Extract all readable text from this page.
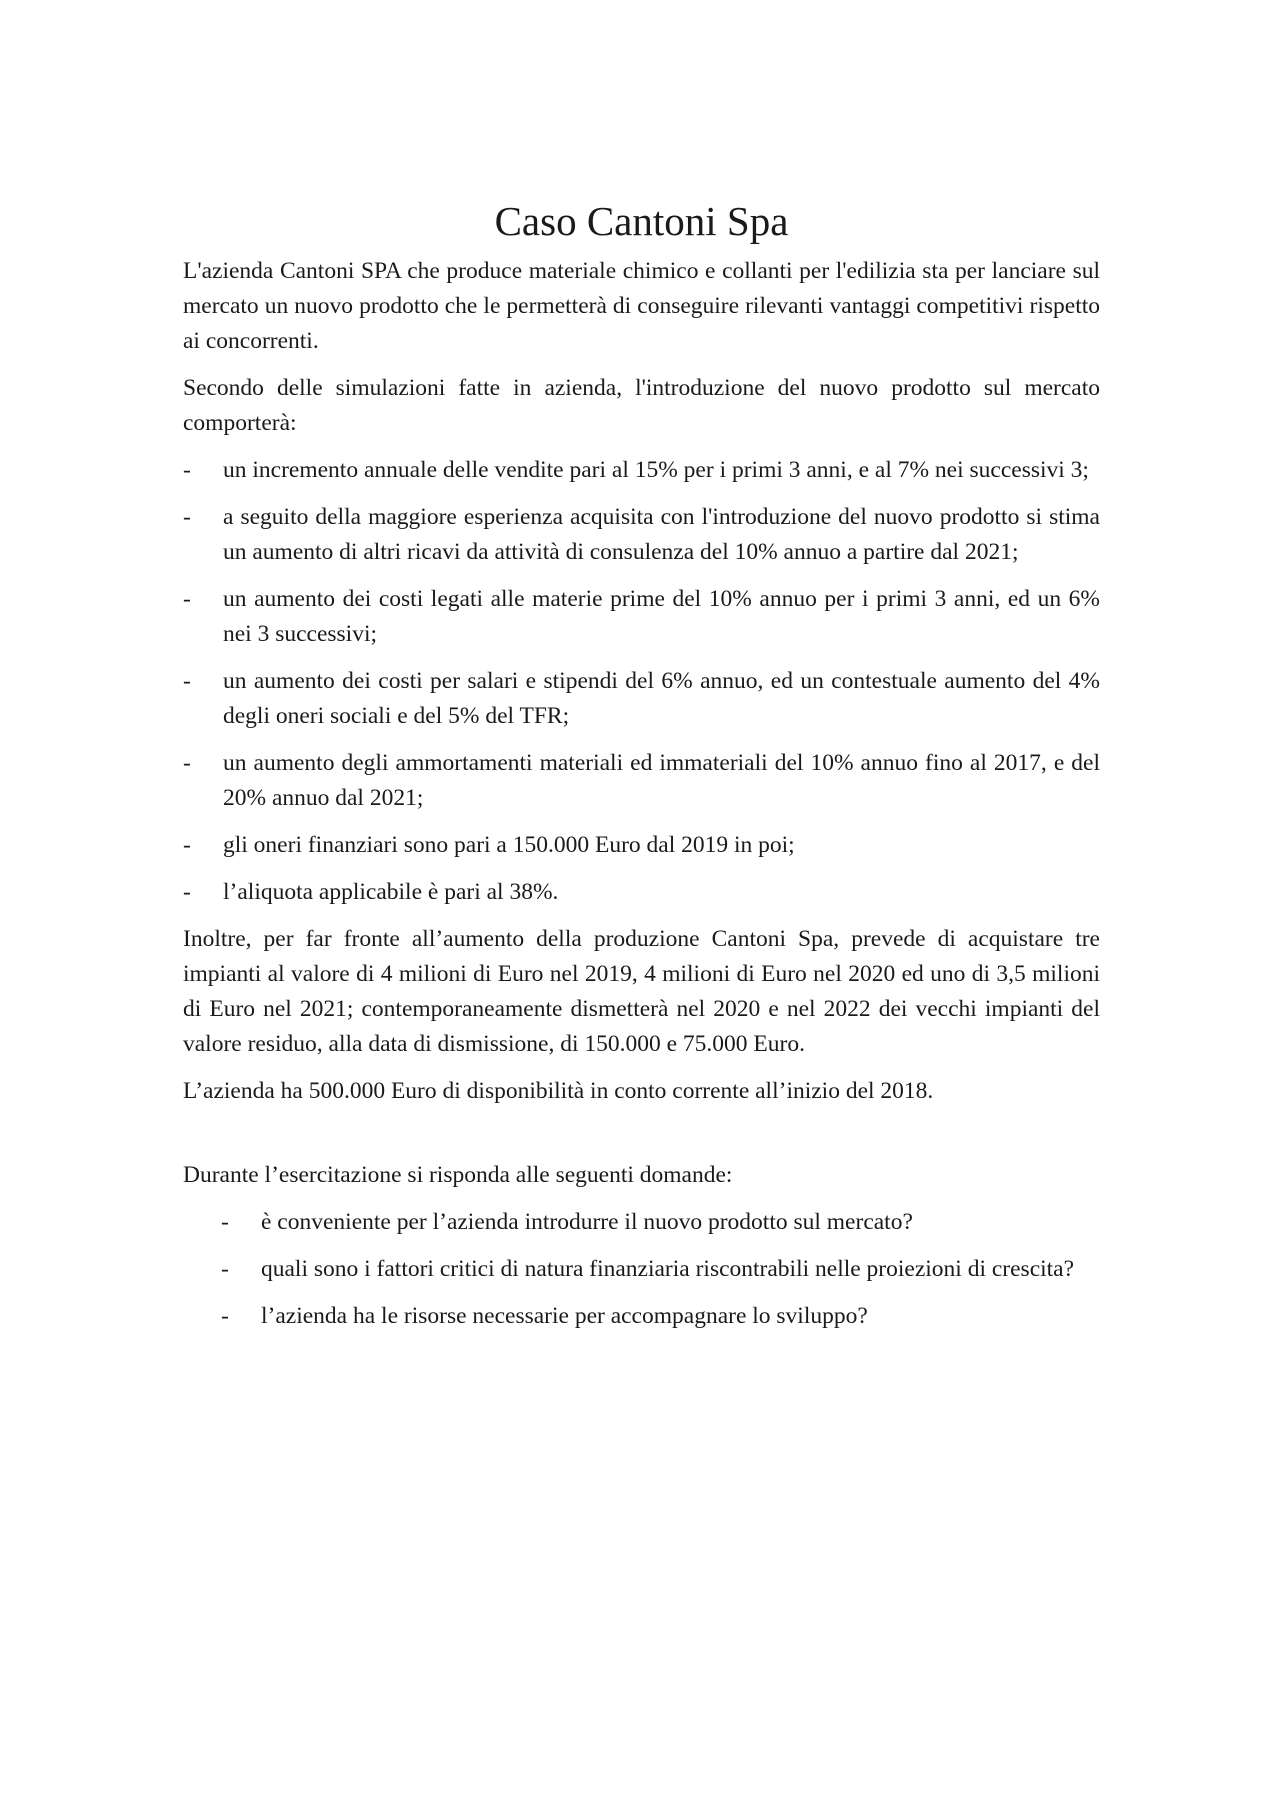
Caso Cantoni Spa

L'azienda Cantoni SPA che produce materiale chimico e collanti per l'edilizia sta per lanciare sul mercato un nuovo prodotto che le permetterà di conseguire rilevanti vantaggi competitivi rispetto ai concorrenti.

Secondo delle simulazioni fatte in azienda, l'introduzione del nuovo prodotto sul mercato comporterà:

- un incremento annuale delle vendite pari al 15% per i primi 3 anni, e al 7% nei successivi 3;
- a seguito della maggiore esperienza acquisita con l'introduzione del nuovo prodotto si stima un aumento di altri ricavi da attività di consulenza del 10% annuo a partire dal 2021;
- un aumento dei costi legati alle materie prime del 10% annuo per i primi 3 anni, ed un 6% nei 3 successivi;
- un aumento dei costi per salari e stipendi del 6% annuo, ed un contestuale aumento del 4% degli oneri sociali e del 5% del TFR;
- un aumento degli ammortamenti materiali ed immateriali del 10% annuo fino al 2017, e del 20% annuo dal 2021;
- gli oneri finanziari sono pari a 150.000 Euro dal 2019 in poi;
- l’aliquota applicabile è pari al 38%.

Inoltre, per far fronte all’aumento della produzione Cantoni Spa, prevede di acquistare tre impianti al valore di 4 milioni di Euro nel 2019, 4 milioni di Euro nel 2020 ed uno di 3,5 milioni di Euro nel 2021; contemporaneamente dismetterà nel 2020 e nel 2022 dei vecchi impianti del valore residuo, alla data di dismissione, di 150.000 e 75.000 Euro.

L’azienda ha 500.000 Euro di disponibilità in conto corrente all’inizio del 2018.

Durante l’esercitazione si risponda alle seguenti domande:

- è conveniente per l’azienda introdurre il nuovo prodotto sul mercato?
- quali sono i fattori critici di natura finanziaria riscontrabili nelle proiezioni di crescita?
- l’azienda ha le risorse necessarie per accompagnare lo sviluppo?
